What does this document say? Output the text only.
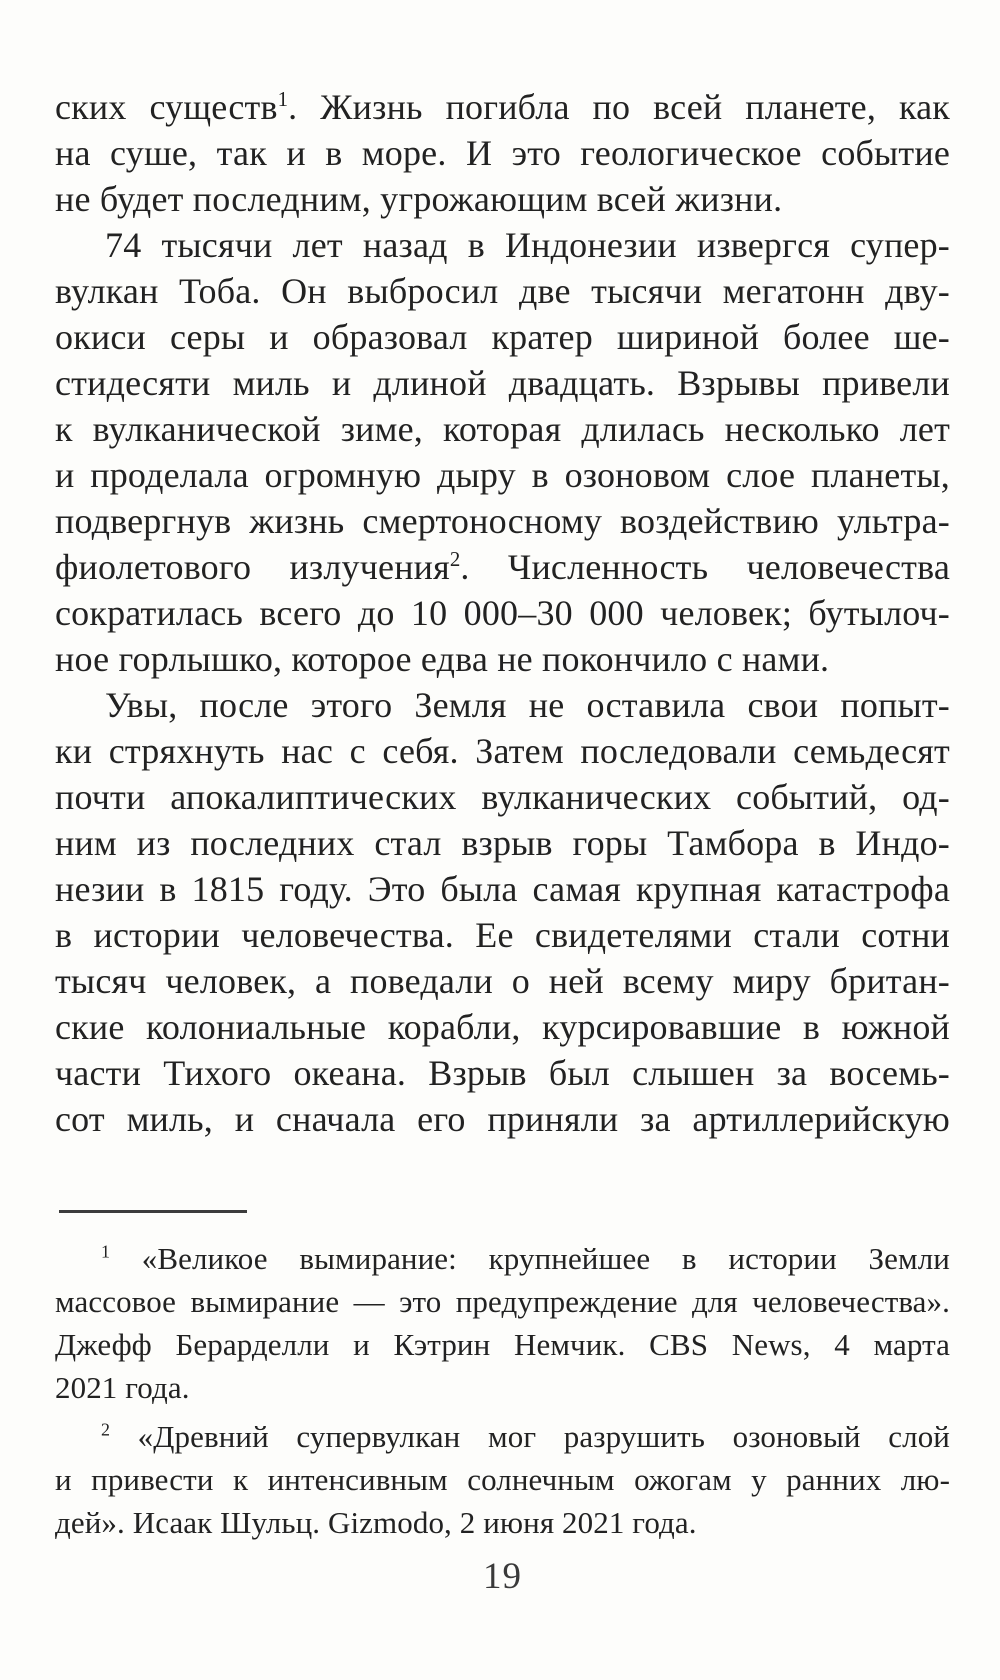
ских существ$^1$. Жизнь погибла по всей планете, как
на суше, так и в море. И это геологическое событие
не будет последним, угрожающим всей жизни.
74 тысячи лет назад в Индонезии извергся супер-
вулкан Тоба. Он выбросил две тысячи мегатонн дву-
окиси серы и образовал кратер шириной более ше-
стидесяти миль и длиной двадцать. Взрывы привели
к вулканической зиме, которая длилась несколько лет
и проделала огромную дыру в озоновом слое планеты,
подвергнув жизнь смертоносному воздействию ультра-
фиолетового излучения$^2$. Численность человечества
сократилась всего до 10 000–30 000 человек; бутылоч-
ное горлышко, которое едва не покончило с нами.
Увы, после этого Земля не оставила свои попыт-
ки стряхнуть нас с себя. Затем последовали семьдесят
почти апокалиптических вулканических событий, од-
ним из последних стал взрыв горы Тамбора в Индо-
незии в 1815 году. Это была самая крупная катастрофа
в истории человечества. Ее свидетелями стали сотни
тысяч человек, а поведали о ней всему миру британ-
ские колониальные корабли, курсировавшие в южной
части Тихого океана. Взрыв был слышен за восемь-
сот миль, и сначала его приняли за артиллерийскую
$^1$ «Великое вымирание: крупнейшее в истории Земли
массовое вымирание — это предупреждение для человечества».
Джефф Берарделли и Кэтрин Немчик. CBS News, 4 марта
2021 года.
$^2$ «Древний супервулкан мог разрушить озоновый слой
и привести к интенсивным солнечным ожогам у ранних лю-
дей». Исаак Шульц. Gizmodo, 2 июня 2021 года.
19
